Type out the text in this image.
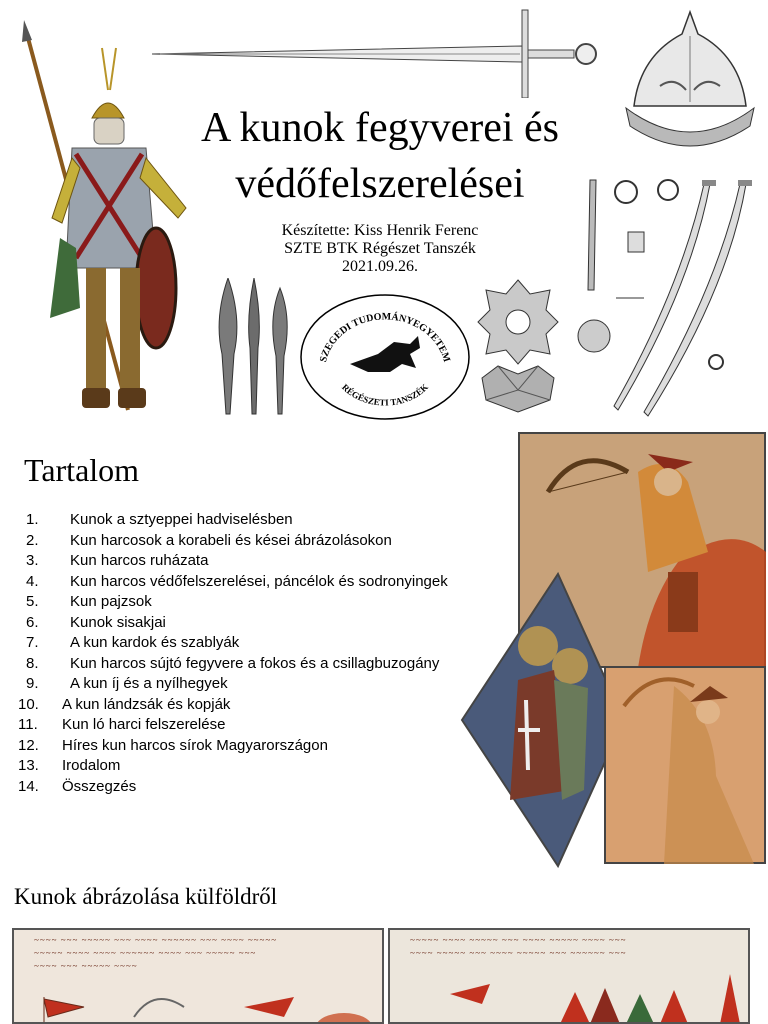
A kunok fegyverei és
védőfelszerelései
Készítette: Kiss Henrik Ferenc
SZTE BTK Régészet Tanszék
2021.09.26.
SZEGEDI TUDOMÁNYEGYETEM
RÉGÉSZETI TANSZÉK
Tartalom
1.	Kunok a sztyeppei hadviselésben
2.	Kun harcosok a korabeli és kései ábrázolásokon
3.	Kun harcos ruházata
4.	Kun harcos védőfelszerelései, páncélok és sodronyingek
5.	Kun pajzsok
6.	Kunok sisakjai
7.	A kun kardok és szablyák
8.	Kun harcos sújtó fegyvere a fokos és a csillagbuzogány
9.	A kun íj és a nyílhegyek
10.	A kun lándzsák és kopják
11.	Kun ló harci felszerelése
12.	Híres kun harcos sírok Magyarországon
13.	Irodalom
14.	Összegzés
Kunok ábrázolása külföldről
~~~~ ~~~ ~~~~~ ~~~ ~~~~ ~~~~~~ ~~~ ~~~~ ~~~~~
~~~~~ ~~~~ ~~~~ ~~~~~~ ~~~~ ~~~ ~~~~~ ~~~
~~~~ ~~~ ~~~~~ ~~~~
~~~~~ ~~~~ ~~~~~ ~~~ ~~~~ ~~~~~ ~~~~ ~~~
~~~~ ~~~~~ ~~~ ~~~~ ~~~~~ ~~~ ~~~~~~ ~~~
